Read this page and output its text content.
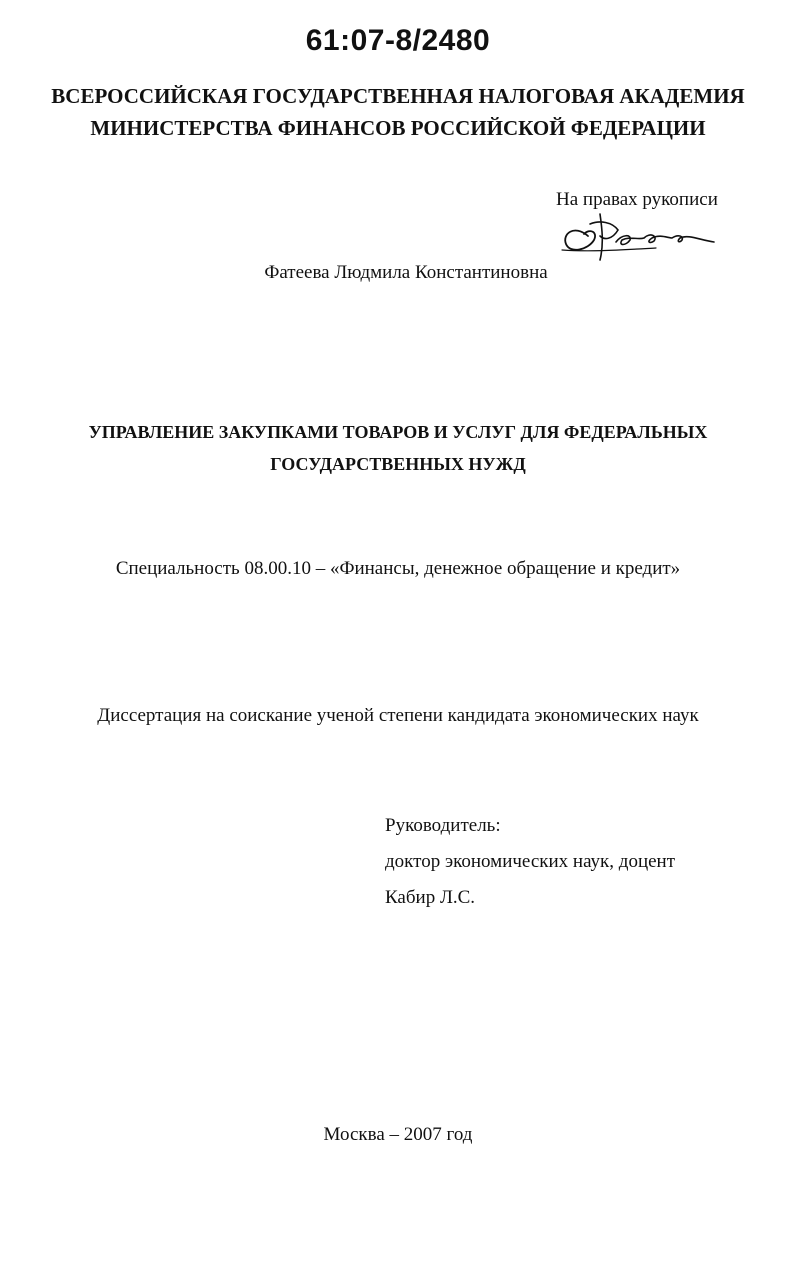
61:07-8/2480
ВСЕРОССИЙСКАЯ ГОСУДАРСТВЕННАЯ НАЛОГОВАЯ АКАДЕМИЯ
МИНИСТЕРСТВА ФИНАНСОВ РОССИЙСКОЙ ФЕДЕРАЦИИ
На правах рукописи
Фатеева Людмила Константиновна
УПРАВЛЕНИЕ ЗАКУПКАМИ ТОВАРОВ И УСЛУГ ДЛЯ ФЕДЕРАЛЬНЫХ
ГОСУДАРСТВЕННЫХ НУЖД
Специальность 08.00.10 – «Финансы, денежное обращение и кредит»
Диссертация на соискание ученой степени кандидата экономических наук
Руководитель:
доктор экономических наук, доцент
Кабир Л.С.
Москва – 2007 год
